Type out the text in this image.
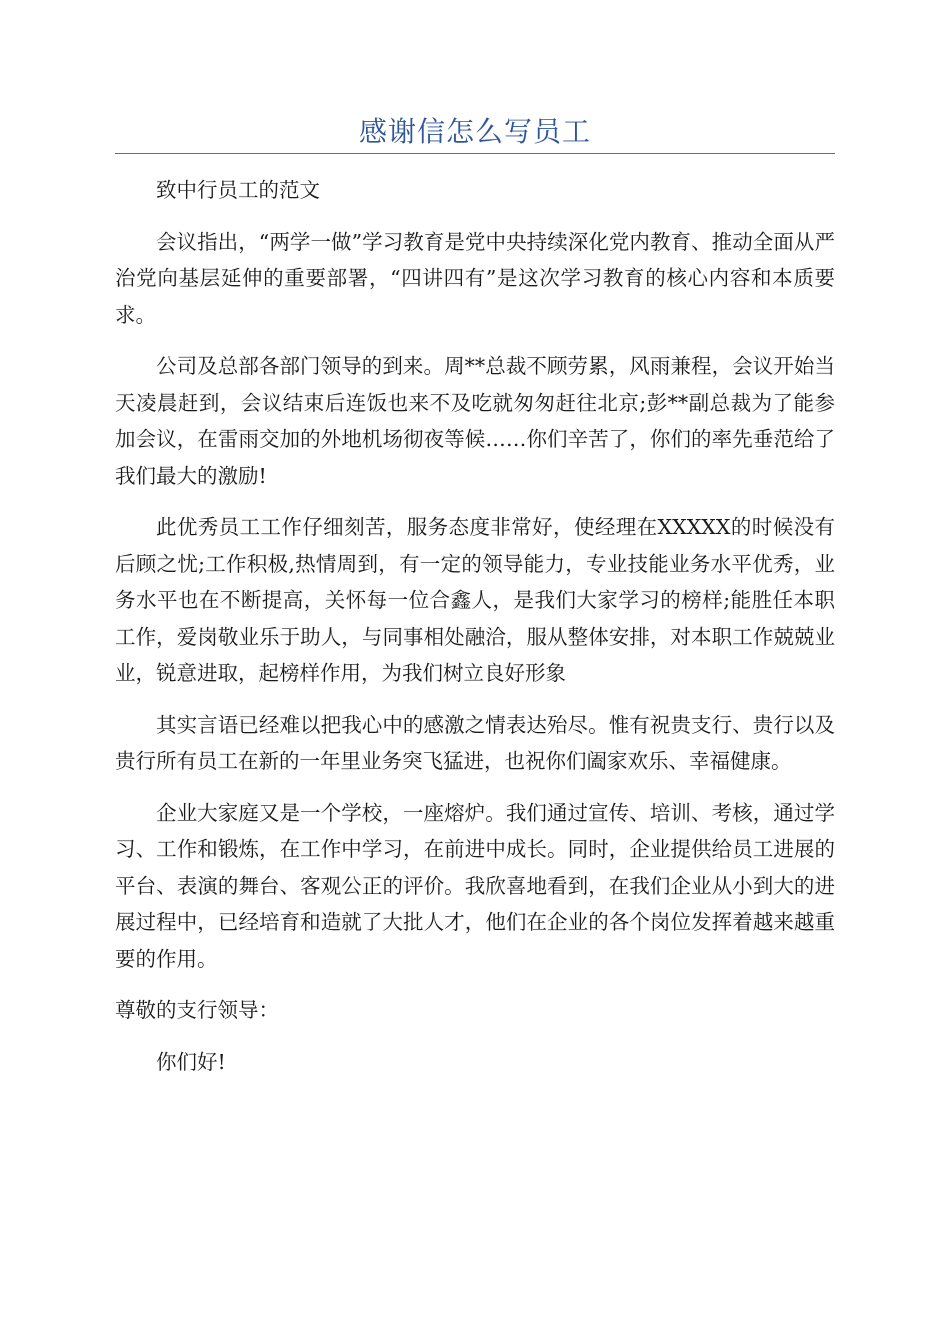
感谢信怎么写员工

致中行员工的范文

会议指出，“两学一做”学习教育是党中央持续深化党内教育、推动全面从严治党向基层延伸的重要部署，“四讲四有”是这次学习教育的核心内容和本质要求。

公司及总部各部门领导的到来。周**总裁不顾劳累，风雨兼程，会议开始当天凌晨赶到，会议结束后连饭也来不及吃就匆匆赶往北京;彭**副总裁为了能参加会议，在雷雨交加的外地机场彻夜等候……你们辛苦了，你们的率先垂范给了我们最大的激励!

此优秀员工工作仔细刻苦，服务态度非常好，使经理在XXXXX的时候没有后顾之忧;工作积极,热情周到，有一定的领导能力，专业技能业务水平优秀，业务水平也在不断提高，关怀每一位合鑫人，是我们大家学习的榜样;能胜任本职工作，爱岗敬业乐于助人，与同事相处融洽，服从整体安排，对本职工作兢兢业业，锐意进取，起榜样作用，为我们树立良好形象

其实言语已经难以把我心中的感激之情表达殆尽。惟有祝贵支行、贵行以及贵行所有员工在新的一年里业务突飞猛进，也祝你们阖家欢乐、幸福健康。

企业大家庭又是一个学校，一座熔炉。我们通过宣传、培训、考核，通过学习、工作和锻炼，在工作中学习，在前进中成长。同时，企业提供给员工进展的平台、表演的舞台、客观公正的评价。我欣喜地看到，在我们企业从小到大的进展过程中，已经培育和造就了大批人才，他们在企业的各个岗位发挥着越来越重要的作用。

尊敬的支行领导：

你们好!
